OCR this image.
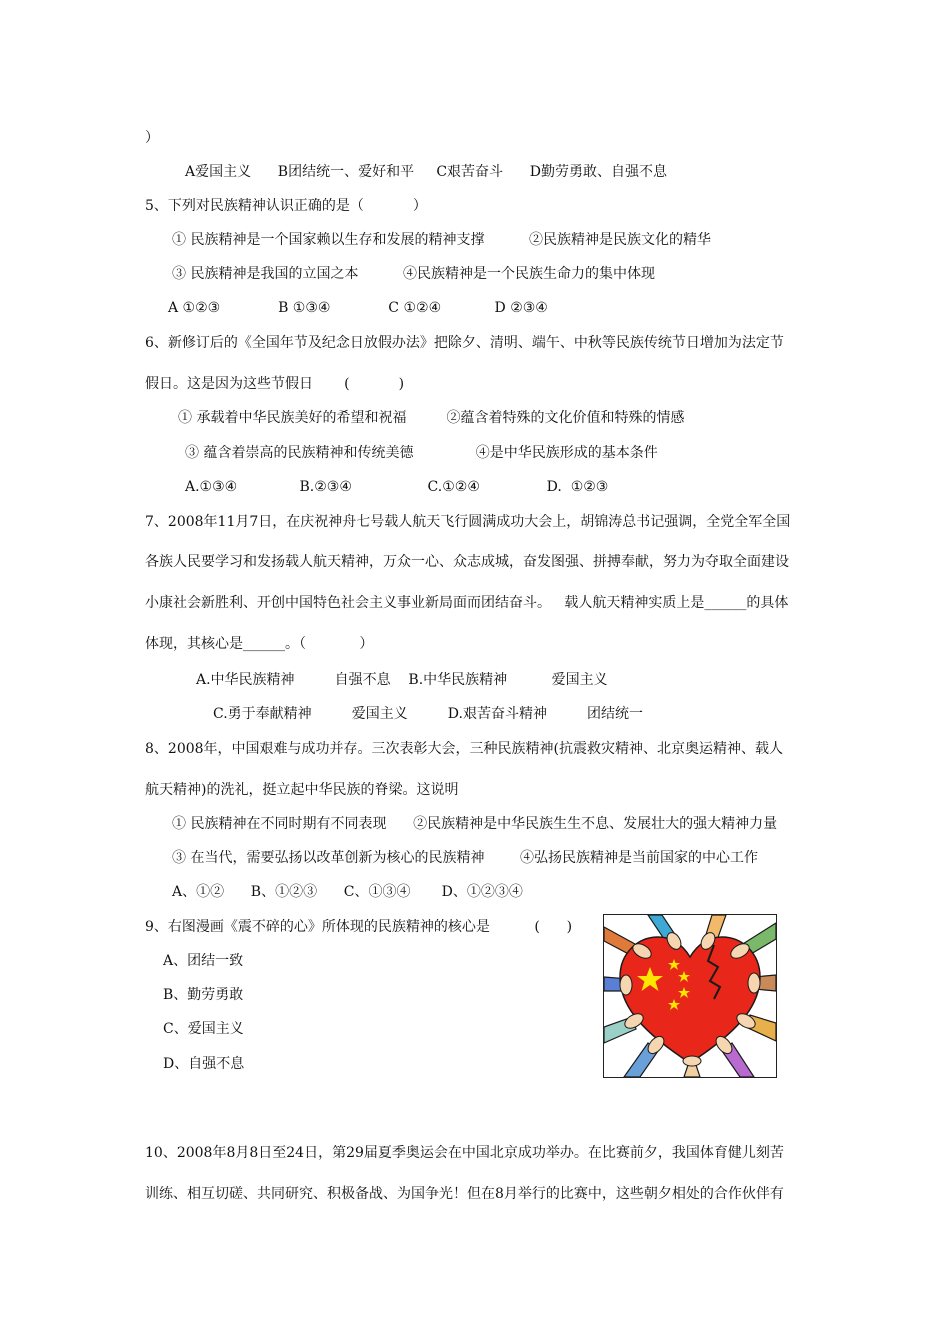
）
A爱国主义      B团结统一、爱好和平     C艰苦奋斗      D勤劳勇敢、自强不息
5、下列对民族精神认识正确的是（           ）
① 民族精神是一个国家赖以生存和发展的精神支撑          ②民族精神是民族文化的精华
③ 民族精神是我国的立国之本          ④民族精神是一个民族生命力的集中体现
A ①②③             B ①③④             C ①②④            D ②③④
6、新修订后的《全国年节及纪念日放假办法》把除夕、清明、端午、中秋等民族传统节日增加为法定节
假日。这是因为这些节假日       (           )
① 承载着中华民族美好的希望和祝福         ②蕴含着特殊的文化价值和特殊的情感
③ 蕴含着崇高的民族精神和传统美德              ④是中华民族形成的基本条件
A.①③④              B.②③④                 C.①②④               D.  ①②③
7、2008年11月7日，在庆祝神舟七号载人航天飞行圆满成功大会上，胡锦涛总书记强调，全党全军全国
各族人民要学习和发扬载人航天精神，万众一心、众志成城，奋发图强、拼搏奉献，努力为夺取全面建设
小康社会新胜利、开创中国特色社会主义事业新局面而团结奋斗。   载人航天精神实质上是______的具体
体现，其核心是______。（            ）
A.中华民族精神         自强不息    B.中华民族精神          爱国主义
C.勇于奉献精神         爱国主义         D.艰苦奋斗精神         团结统一
8、2008年，中国艰难与成功并存。三次表彰大会，三种民族精神(抗震救灾精神、北京奥运精神、载人
航天精神)的洗礼，挺立起中华民族的脊梁。这说明
① 民族精神在不同时期有不同表现      ②民族精神是中华民族生生不息、发展壮大的强大精神力量
③ 在当代，需要弘扬以改革创新为核心的民族精神        ④弘扬民族精神是当前国家的中心工作
A、①②      B、①②③      C、①③④       D、①②③④
9、右图漫画《震不碎的心》所体现的民族精神的核心是          (      )
A、团结一致
B、勤劳勇敢
C、爱国主义
D、自强不息
10、2008年8月8日至24日，第29届夏季奥运会在中国北京成功举办。在比赛前夕，我国体育健儿刻苦
训练、相互切磋、共同研究、积极备战、为国争光！但在8月举行的比赛中，这些朝夕相处的合作伙伴有
